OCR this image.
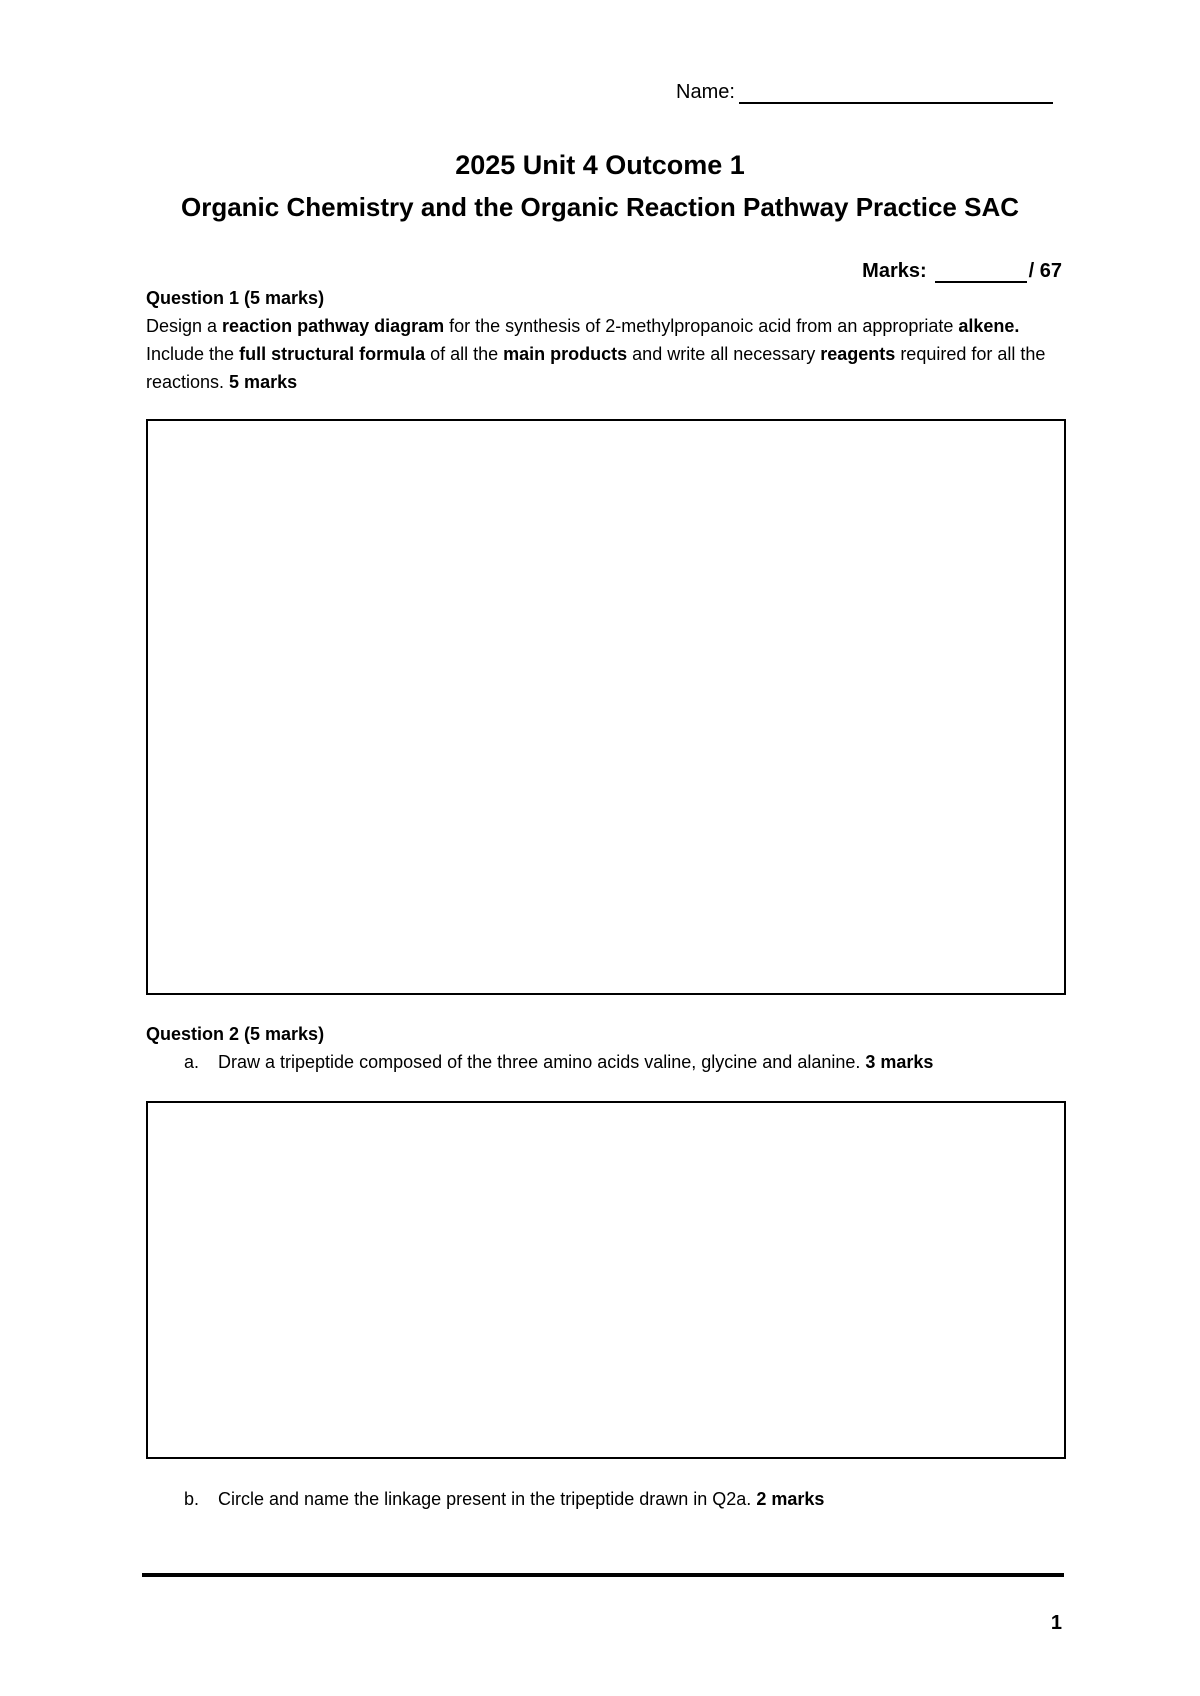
Name:
2025 Unit 4 Outcome 1
Organic Chemistry and the Organic Reaction Pathway Practice SAC
Marks:	/ 67
Question 1 (5 marks)
Design a reaction pathway diagram for the synthesis of 2-methylpropanoic acid from an appropriate alkene. Include the full structural formula of all the main products and write all necessary reagents required for all the reactions. 5 marks
Question 2 (5 marks)
a. Draw a tripeptide composed of the three amino acids valine, glycine and alanine. 3 marks
b. Circle and name the linkage present in the tripeptide drawn in Q2a. 2 marks
1
